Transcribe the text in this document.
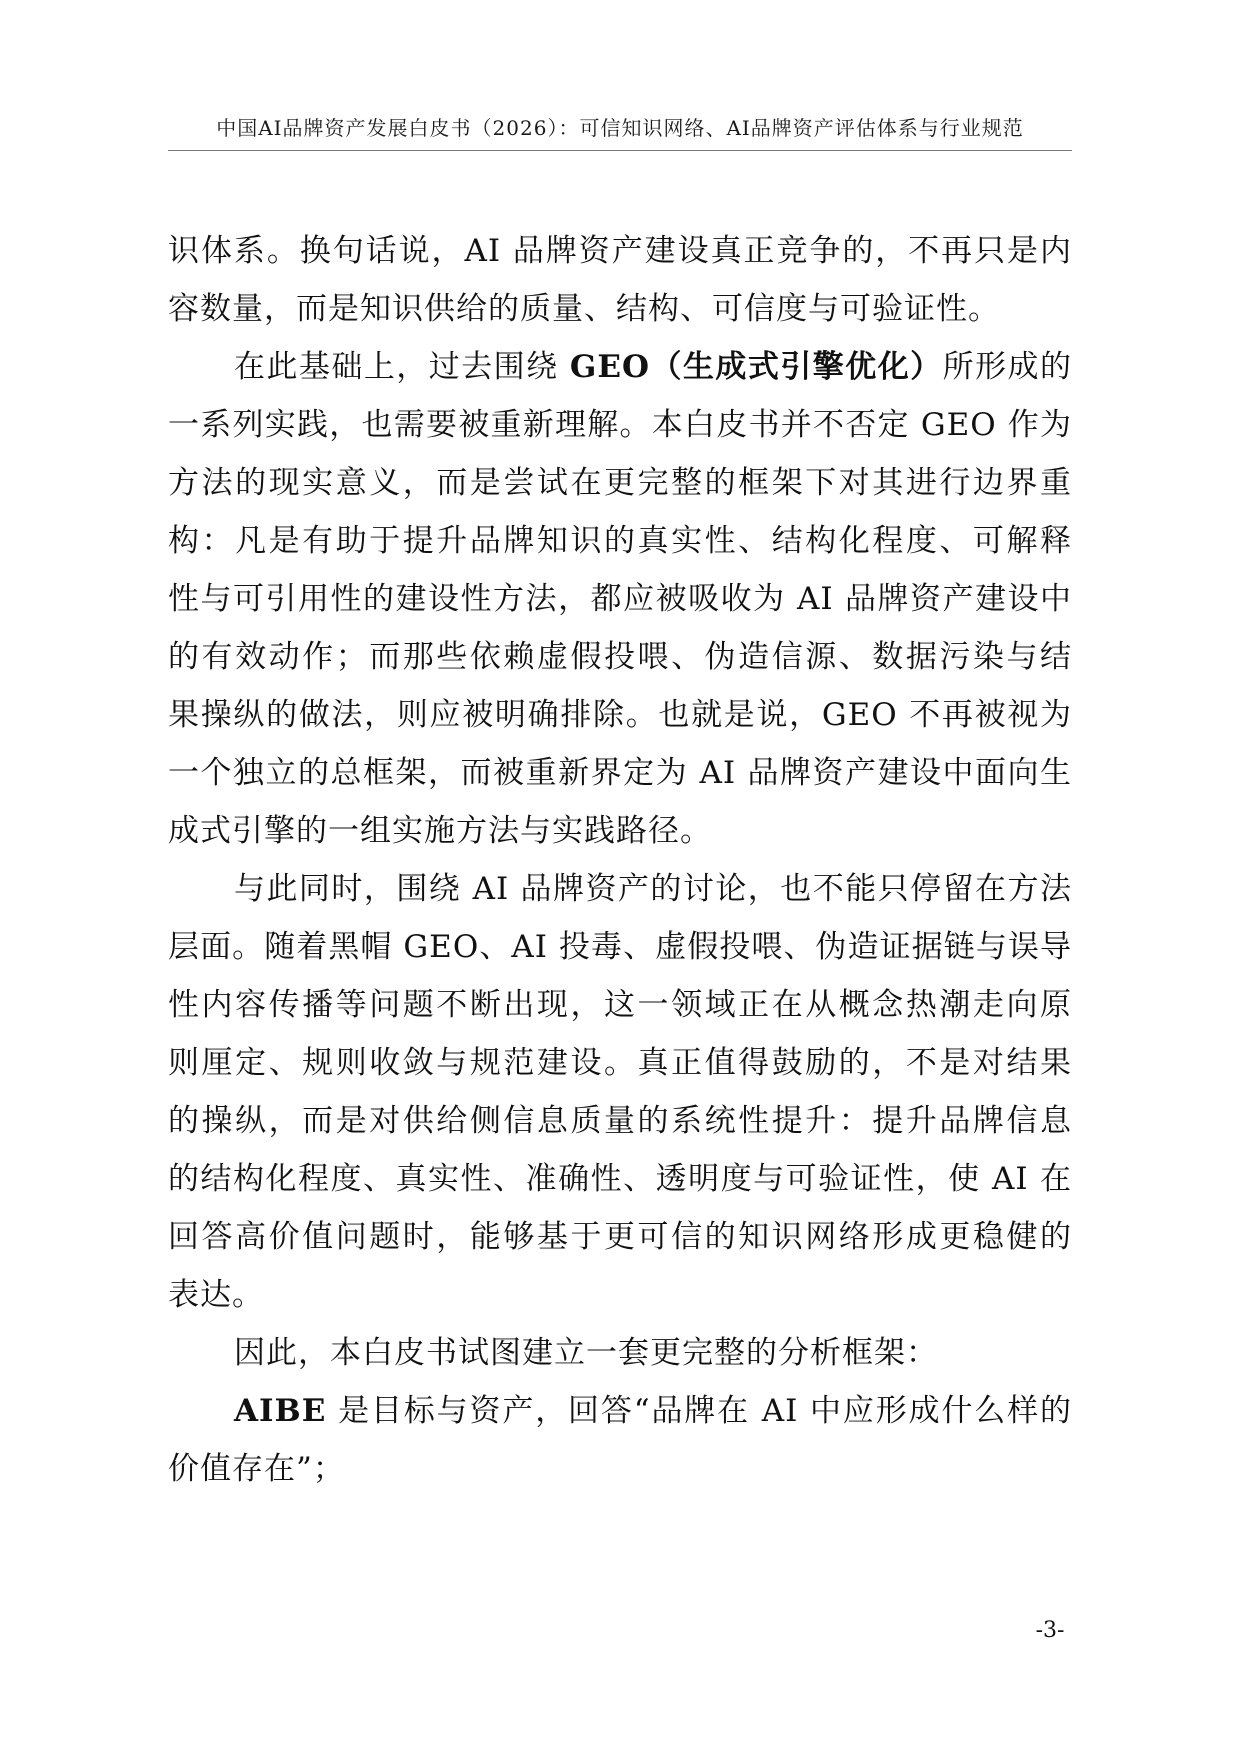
中国AI品牌资产发展白皮书（2026）：可信知识网络、AI品牌资产评估体系与行业规范
识体系。换句话说，AI 品牌资产建设真正竞争的，不再只是内
容数量，而是知识供给的质量、结构、可信度与可验证性。
在此基础上，过去围绕 GEO（生成式引擎优化）所形成的
一系列实践，也需要被重新理解。本白皮书并不否定 GEO 作为
方法的现实意义，而是尝试在更完整的框架下对其进行边界重
构：凡是有助于提升品牌知识的真实性、结构化程度、可解释
性与可引用性的建设性方法，都应被吸收为 AI 品牌资产建设中
的有效动作；而那些依赖虚假投喂、伪造信源、数据污染与结
果操纵的做法，则应被明确排除。也就是说，GEO 不再被视为
一个独立的总框架，而被重新界定为 AI 品牌资产建设中面向生
成式引擎的一组实施方法与实践路径。
与此同时，围绕 AI 品牌资产的讨论，也不能只停留在方法
层面。随着黑帽 GEO、AI 投毒、虚假投喂、伪造证据链与误导
性内容传播等问题不断出现，这一领域正在从概念热潮走向原
则厘定、规则收敛与规范建设。真正值得鼓励的，不是对结果
的操纵，而是对供给侧信息质量的系统性提升：提升品牌信息
的结构化程度、真实性、准确性、透明度与可验证性，使 AI 在
回答高价值问题时，能够基于更可信的知识网络形成更稳健的
表达。
因此，本白皮书试图建立一套更完整的分析框架：
AIBE 是目标与资产，回答“品牌在 AI 中应形成什么样的
价值存在”；
-3-
